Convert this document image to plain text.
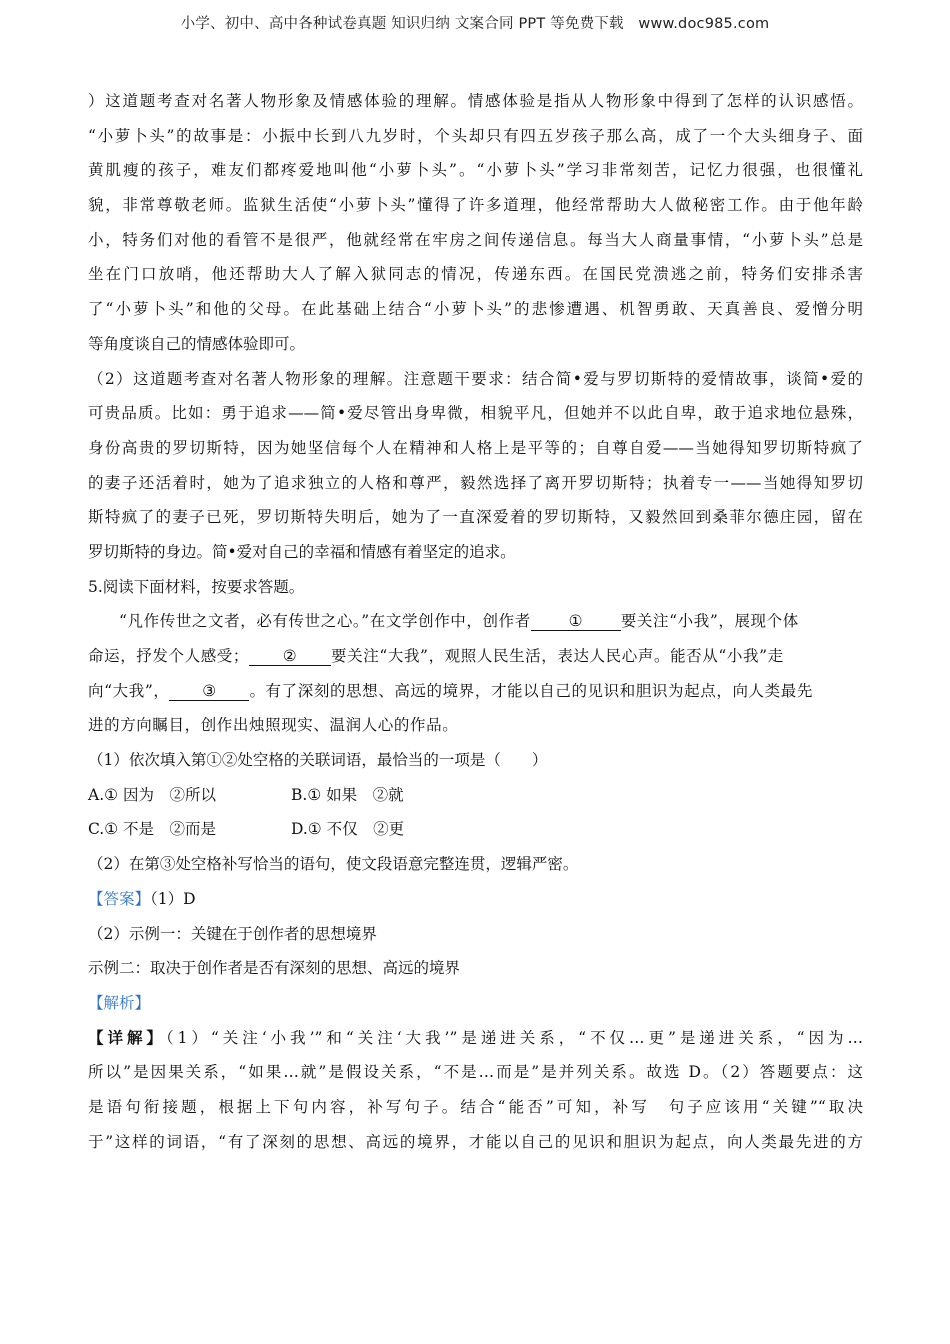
小学、初中、高中各种试卷真题 知识归纳 文案合同 PPT 等免费下载　www.doc985.com
）这道题考查对名著人物形象及情感体验的理解。情感体验是指从人物形象中得到了怎样的认识感悟。
“小萝卜头”的故事是：小振中长到八九岁时，个头却只有四五岁孩子那么高，成了一个大头细身子、面
黄肌瘦的孩子，难友们都疼爱地叫他“小萝卜头”。“小萝卜头”学习非常刻苦，记忆力很强，也很懂礼
貌，非常尊敬老师。监狱生活使“小萝卜头”懂得了许多道理，他经常帮助大人做秘密工作。由于他年龄
小，特务们对他的看管不是很严，他就经常在牢房之间传递信息。每当大人商量事情，“小萝卜头”总是
坐在门口放哨，他还帮助大人了解入狱同志的情况，传递东西。在国民党溃逃之前，特务们安排杀害
了“小萝卜头”和他的父母。在此基础上结合“小萝卜头”的悲惨遭遇、机智勇敢、天真善良、爱憎分明
等角度谈自己的情感体验即可。
（2）这道题考查对名著人物形象的理解。注意题干要求：结合简•爱与罗切斯特的爱情故事，谈简•爱的
可贵品质。比如：勇于追求——简•爱尽管出身卑微，相貌平凡，但她并不以此自卑，敢于追求地位悬殊，
身份高贵的罗切斯特，因为她坚信每个人在精神和人格上是平等的；自尊自爱——当她得知罗切斯特疯了
的妻子还活着时，她为了追求独立的人格和尊严，毅然选择了离开罗切斯特；执着专一——当她得知罗切
斯特疯了的妻子已死，罗切斯特失明后，她为了一直深爱着的罗切斯特，又毅然回到桑菲尔德庄园，留在
罗切斯特的身边。简•爱对自己的幸福和情感有着坚定的追求。
5.阅读下面材料，按要求答题。
“凡作传世之文者，必有传世之心。”在文学创作中，创作者 ① 要关注“小我”，展现个体
命运，抒发个人感受； ② 要关注“大我”，观照人民生活，表达人民心声。能否从“小我”走
向“大我”， ③ 。有了深刻的思想、高远的境界，才能以自己的见识和胆识为起点，向人类最先
进的方向瞩目，创作出烛照现实、温润人心的作品。
（1）依次填入第①②处空格的关联词语，最恰当的一项是（　　）
A.① 因为　②所以	B.① 如果　②就
C.① 不是　②而是	D.① 不仅　②更
（2）在第③处空格补写恰当的语句，使文段语意完整连贯，逻辑严密。
【答案】（1）D
（2）示例一：关键在于创作者的思想境界
示例二：取决于创作者是否有深刻的思想、高远的境界
【解析】
【详解】（1）“关注‘小我’”和“关注‘大我’”是递进关系，“不仅…更”是递进关系，“因为…
所以”是因果关系，“如果…就”是假设关系，“不是…而是”是并列关系。故选 D。（2）答题要点：这
是语句衔接题，根据上下句内容，补写句子。结合“能否”可知，补写　句子应该用“关键”“取决
于”这样的词语，“有了深刻的思想、高远的境界，才能以自己的见识和胆识为起点，向人类最先进的方
